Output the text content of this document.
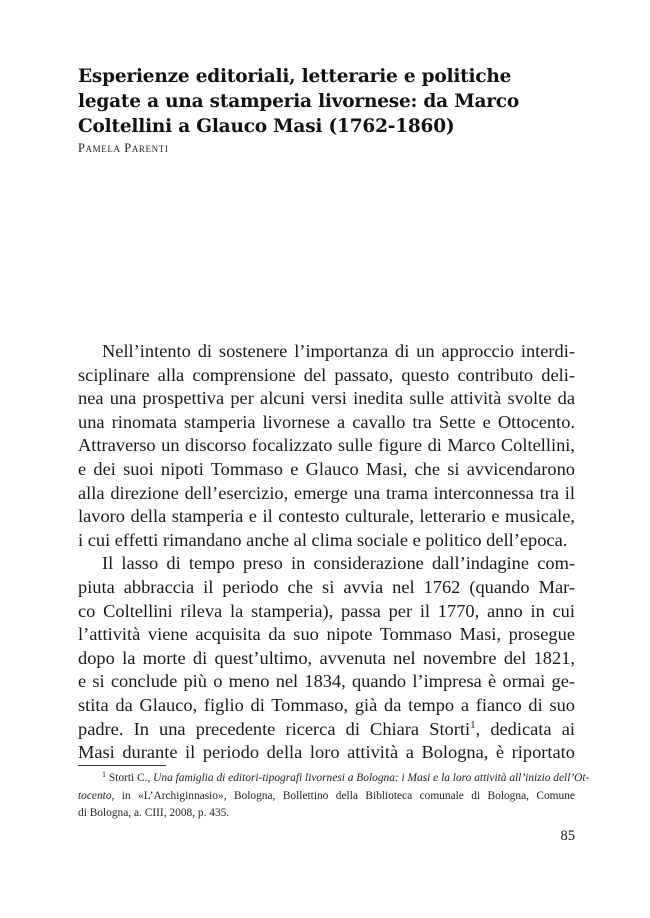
Esperienze editoriali, letterarie e politiche
legate a una stamperia livornese: da Marco
Coltellini a Glauco Masi (1762-1860)
Pamela Parenti
Nell’intento di sostenere l’importanza di un approccio interdi-
sciplinare alla comprensione del passato, questo contributo deli-
nea una prospettiva per alcuni versi inedita sulle attività svolte da
una rinomata stamperia livornese a cavallo tra Sette e Ottocento.
Attraverso un discorso focalizzato sulle figure di Marco Coltellini,
e dei suoi nipoti Tommaso e Glauco Masi, che si avvicendarono
alla direzione dell’esercizio, emerge una trama interconnessa tra il
lavoro della stamperia e il contesto culturale, letterario e musicale,
i cui effetti rimandano anche al clima sociale e politico dell’epoca.
Il lasso di tempo preso in considerazione dall’indagine com-
piuta abbraccia il periodo che si avvia nel 1762 (quando Mar-
co Coltellini rileva la stamperia), passa per il 1770, anno in cui
l’attività viene acquisita da suo nipote Tommaso Masi, prosegue
dopo la morte di quest’ultimo, avvenuta nel novembre del 1821,
e si conclude più o meno nel 1834, quando l’impresa è ormai ge-
stita da Glauco, figlio di Tommaso, già da tempo a fianco di suo
padre. In una precedente ricerca di Chiara Storti$^1$, dedicata ai
Masi durante il periodo della loro attività a Bologna, è riportato
$^1$ Storti C., Una famiglia di editori-tipografi livornesi a Bologna: i Masi e la loro attività all’inizio dell’Ot-
tocento, in «L’Archiginnasio», Bologna, Bollettino della Biblioteca comunale di Bologna, Comune
di Bologna, a. CIII, 2008, p. 435.
85
